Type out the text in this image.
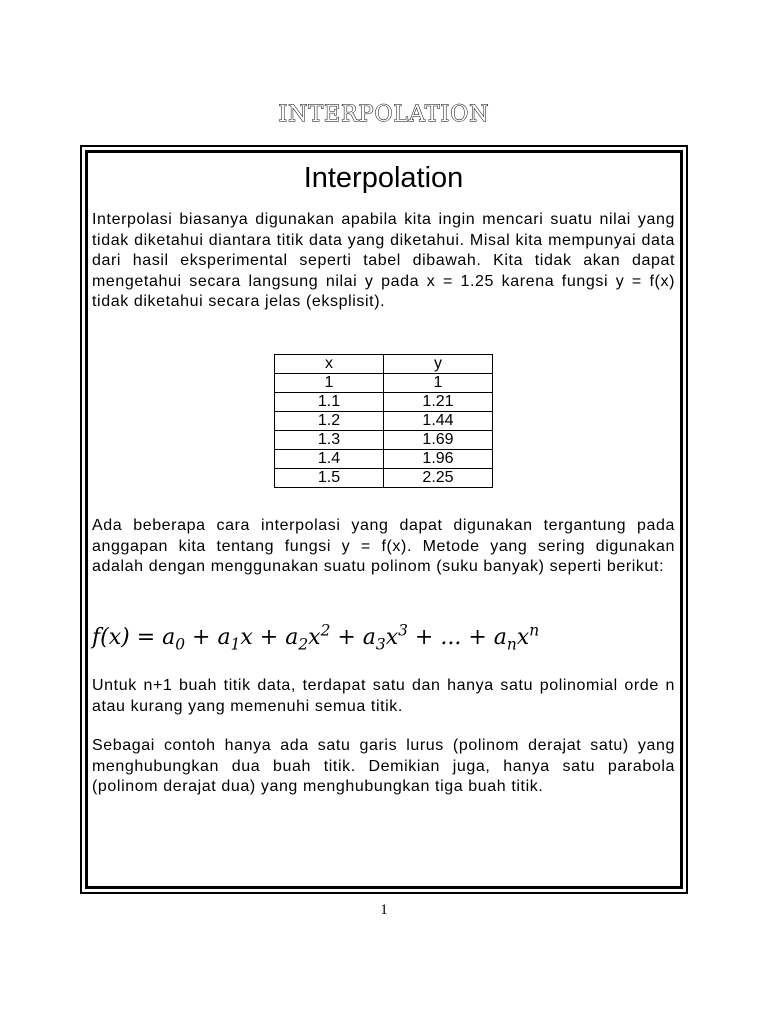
INTERPOLATION
Interpolation

Interpolasi biasanya digunakan apabila kita ingin mencari suatu nilai yang tidak diketahui diantara titik data yang diketahui. Misal kita mempunyai data dari hasil eksperimental seperti tabel dibawah. Kita tidak akan dapat mengetahui secara langsung nilai y pada x = 1.25 karena fungsi y = f(x) tidak diketahui secara jelas (eksplisit).

x	y
1	1
1.1	1.21
1.2	1.44
1.3	1.69
1.4	1.96
1.5	2.25

Ada beberapa cara interpolasi yang dapat digunakan tergantung pada anggapan kita tentang fungsi y = f(x). Metode yang sering digunakan adalah dengan menggunakan suatu polinom (suku banyak) seperti berikut:

$f(x) = a_0 + a_1x + a_2x^2 + a_3x^3$ + ... + $a_nx^n$

Untuk n+1 buah titik data, terdapat satu dan hanya satu polinomial orde n atau kurang yang memenuhi semua titik.

Sebagai contoh hanya ada satu garis lurus (polinom derajat satu) yang menghubungkan dua buah titik. Demikian juga, hanya satu parabola (polinom derajat dua) yang menghubungkan tiga buah titik.

1
